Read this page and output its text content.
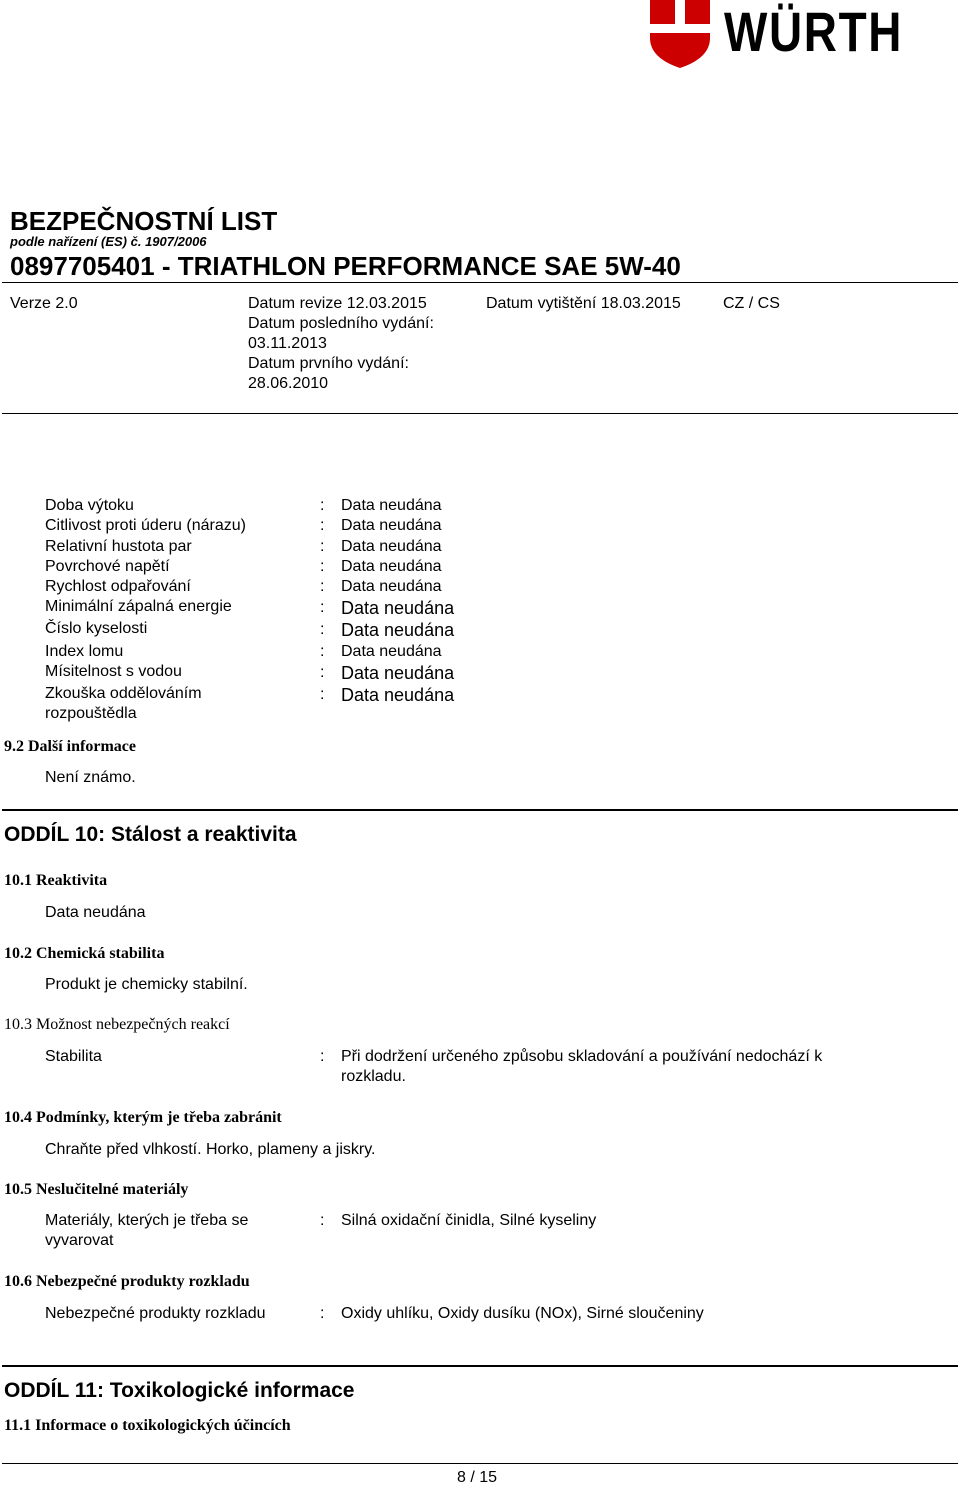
WÜRTH
BEZPEČNOSTNÍ LIST
podle nařízení (ES) č. 1907/2006
0897705401 - TRIATHLON PERFORMANCE SAE 5W-40
Verze 2.0	Datum revize 12.03.2015
Datum posledního vydání:
03.11.2013
Datum prvního vydání:
28.06.2010
Datum vytištění 18.03.2015	CZ / CS
Doba výtoku	: Data neudána
Citlivost proti úderu (nárazu)	: Data neudána
Relativní hustota par	: Data neudána
Povrchové napětí	: Data neudána
Rychlost odpařování	: Data neudána
Minimální zápalná energie	: Data neudána
Číslo kyselosti	: Data neudána
Index lomu	: Data neudána
Mísitelnost s vodou	: Data neudána
Zkouška oddělováním
rozpouštědla
: Data neudána
9.2 Další informace
Není známo.
ODDÍL 10: Stálost a reaktivita
10.1 Reaktivita
Data neudána
10.2 Chemická stabilita
Produkt je chemicky stabilní.
10.3 Možnost nebezpečných reakcí
Stabilita	: Při dodržení určeného způsobu skladování a používání nedochází k
rozkladu.
10.4 Podmínky, kterým je třeba zabránit
Chraňte před vlhkostí. Horko, plameny a jiskry.
10.5 Neslučitelné materiály
Materiály, kterých je třeba se
vyvarovat
: Silná oxidační činidla, Silné kyseliny
10.6 Nebezpečné produkty rozkladu
Nebezpečné produkty rozkladu	: Oxidy uhlíku, Oxidy dusíku (NOx), Sirné sloučeniny
ODDÍL 11: Toxikologické informace
11.1 Informace o toxikologických účincích
8 / 15
